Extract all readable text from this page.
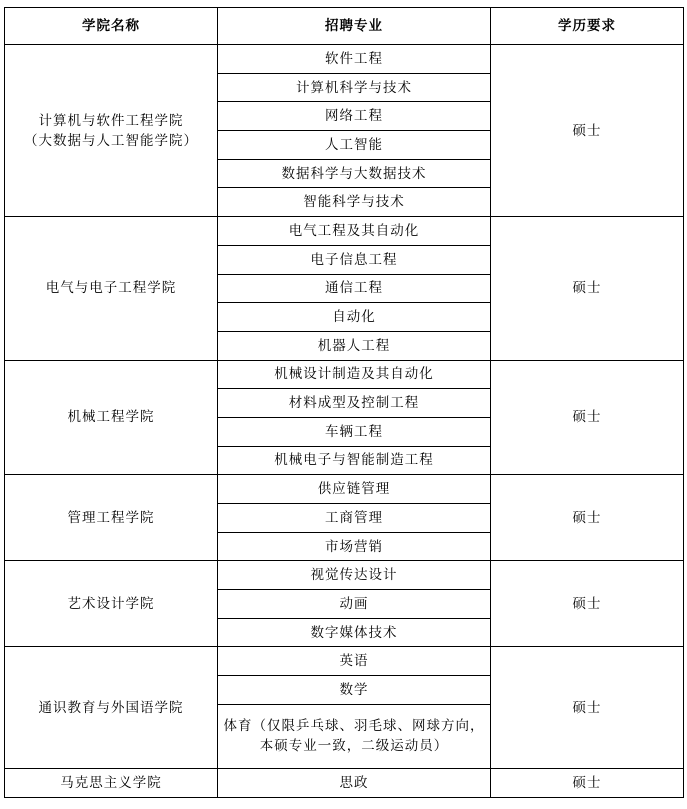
学院名称	招聘专业	学历要求

计算机与软件工程学院
（大数据与人工智能学院）	软件工程	硕士
	计算机科学与技术	
	网络工程	
	人工智能	
	数据科学与大数据技术	
	智能科学与技术	

电气与电子工程学院	电气工程及其自动化	硕士
	电子信息工程	
	通信工程	
	自动化	
	机器人工程	

机械工程学院	机械设计制造及其自动化	硕士
	材料成型及控制工程	
	车辆工程	
	机械电子与智能制造工程	

管理工程学院	供应链管理	硕士
	工商管理	
	市场营销	

艺术设计学院	视觉传达设计	硕士
	动画	
	数字媒体技术	

通识教育与外国语学院	英语	硕士
	数学	
	体育（仅限乒乓球、羽毛球、网球方向，本硕专业一致，二级运动员）	

马克思主义学院	思政	硕士
